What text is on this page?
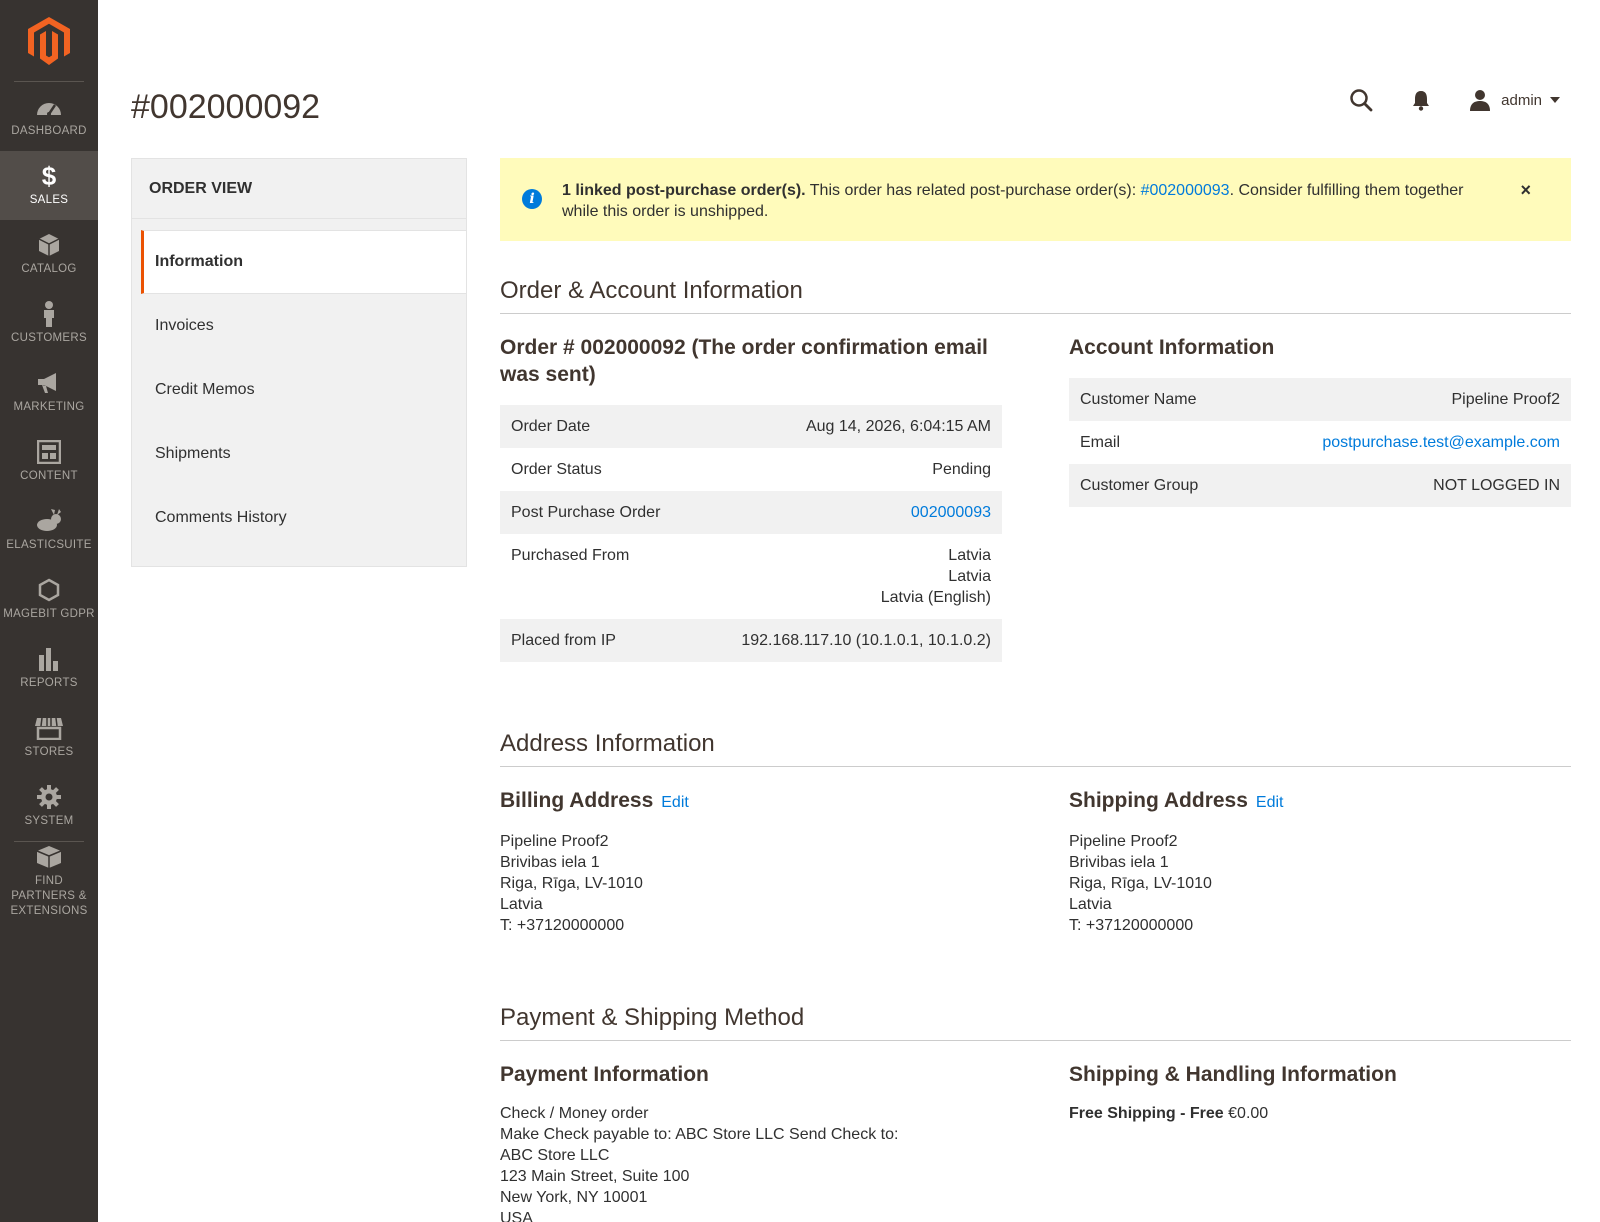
DASHBOARD
$
SALES
CATALOG
CUSTOMERS
MARKETING
CONTENT
ELASTICSUITE
MAGEBIT GDPR
REPORTS
STORES
SYSTEM
FIND PARTNERS & EXTENSIONS
#002000092	admin
ORDER VIEW
Information
Invoices
Credit Memos
Shipments
Comments History
i	1 linked post-purchase order(s). This order has related post-purchase order(s): #002000093. Consider fulfilling them together while this order is unshipped.
×
Order & Account Information
Order # 002000092 (The order confirmation email was sent)
Order Date	Aug 14, 2026, 6:04:15 AM
Order Status	Pending
Post Purchase Order	002000093
Purchased From	Latvia
Latvia
Latvia (English)

Placed from IP	192.168.117.10 (10.1.0.1, 10.1.0.2)
Account Information
Customer Name	Pipeline Proof2
Email	postpurchase.test@example.com
Customer Group	NOT LOGGED IN
Address Information
Billing Address Edit
Pipeline Proof2
Brivibas iela 1
Riga, Rīga, LV-1010
Latvia
T: +37120000000
Shipping Address Edit
Pipeline Proof2
Brivibas iela 1
Riga, Rīga, LV-1010
Latvia
T: +37120000000
Payment & Shipping Method
Payment Information
Check / Money order
Make Check payable to: ABC Store LLC Send Check to:
ABC Store LLC
123 Main Street, Suite 100
New York, NY 10001
USA
Shipping & Handling Information
Free Shipping - Free €0.00
